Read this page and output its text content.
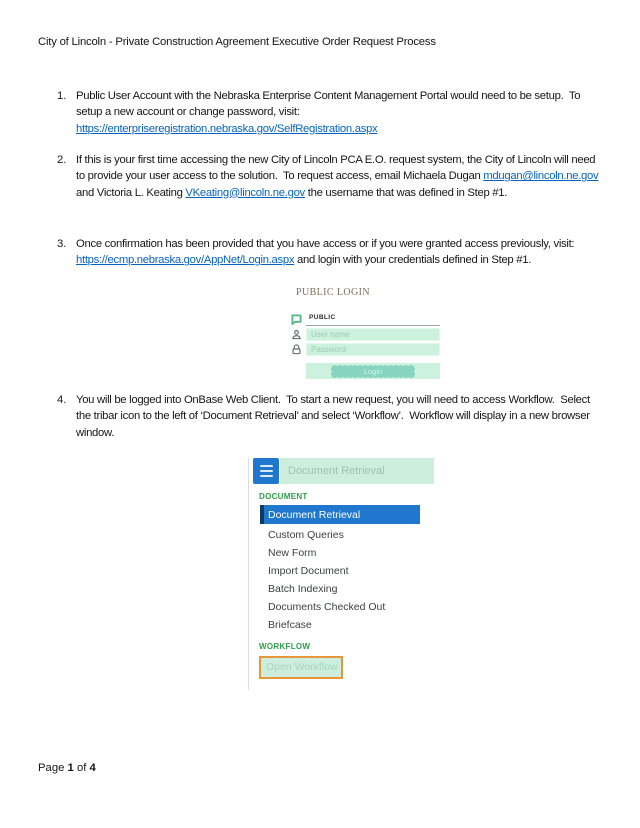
City of Lincoln - Private Construction Agreement Executive Order Request Process
1. Public User Account with the Nebraska Enterprise Content Management Portal would need to be setup.  To setup a new account or change password, visit:
https://enterpriseregistration.nebraska.gov/SelfRegistration.aspx
2. If this is your first time accessing the new City of Lincoln PCA E.O. request system, the City of Lincoln will need to provide your user access to the solution.  To request access, email Michaela Dugan mdugan@lincoln.ne.gov and Victoria L. Keating VKeating@lincoln.ne.gov the username that was defined in Step #1.
3. Once confirmation has been provided that you have access or if you were granted access previously, visit: https://ecmp.nebraska.gov/AppNet/Login.aspx and login with your credentials defined in Step #1.
PUBLIC LOGIN
PUBLIC
User name
Password
Login
4. You will be logged into OnBase Web Client.  To start a new request, you will need to access Workflow.  Select the tribar icon to the left of ‘Document Retrieval’ and select ‘Workflow’.  Workflow will display in a new browser window.
Document Retrieval
DOCUMENT
Document Retrieval
Custom Queries
New Form
Import Document
Batch Indexing
Documents Checked Out
Briefcase
WORKFLOW
Open Workflow
Page 1 of 4
